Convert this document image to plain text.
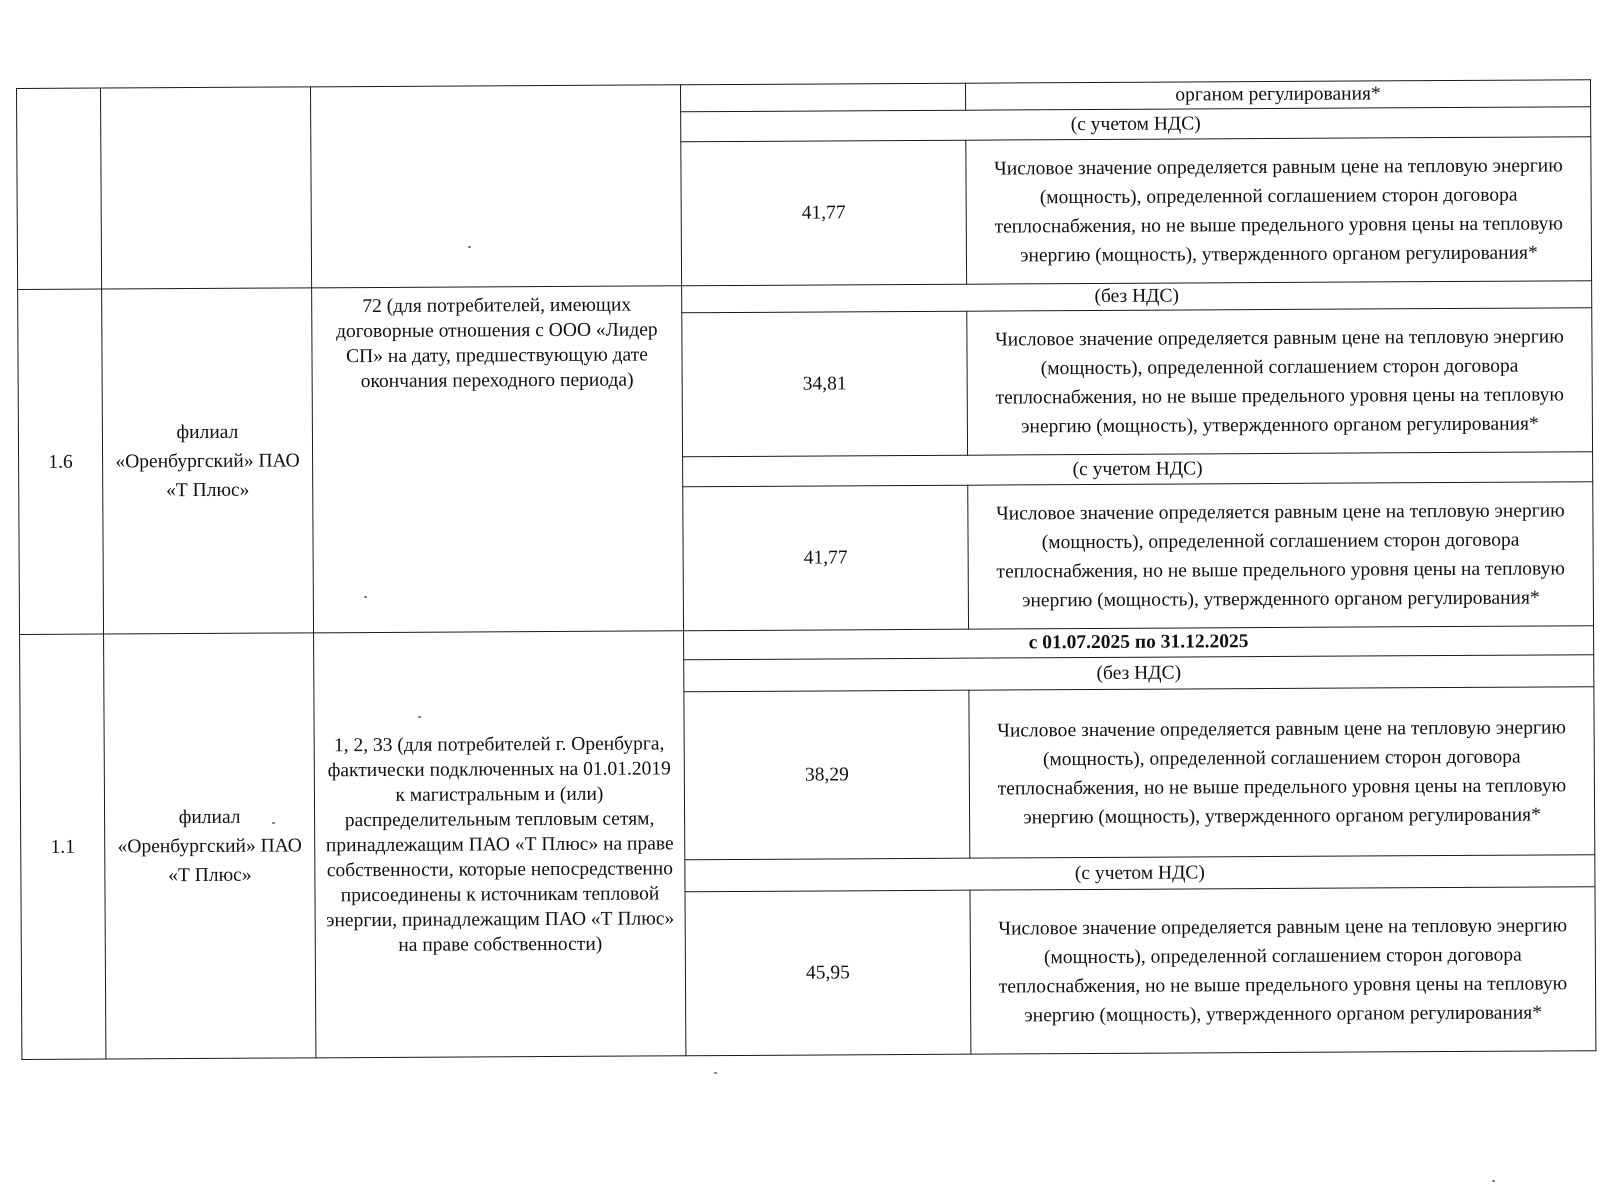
				органом регулирования*
			(с учетом НДС)	
			41,77	Числовое значение определяется равным цене на тепловую энергию (мощность), определенной соглашением сторон договора теплоснабжения, но не выше предельного уровня цены на тепловую энергию (мощность), утвержденного органом регулирования*
1.6	филиал «Оренбургский» ПАО «Т Плюс»	72 (для потребителей, имеющих договорные отношения с ООО «Лидер СП» на дату, предшествующую дате окончания переходного периода)	(без НДС)	
			34,81	Числовое значение определяется равным цене на тепловую энергию (мощность), определенной соглашением сторон договора теплоснабжения, но не выше предельного уровня цены на тепловую энергию (мощность), утвержденного органом регулирования*
			(с учетом НДС)	
			41,77	Числовое значение определяется равным цене на тепловую энергию (мощность), определенной соглашением сторон договора теплоснабжения, но не выше предельного уровня цены на тепловую энергию (мощность), утвержденного органом регулирования*
1.1	филиал «Оренбургский» ПАО «Т Плюс»	1, 2, 33 (для потребителей г. Оренбурга, фактически подключенных на 01.01.2019 к магистральным и (или) распределительным тепловым сетям, принадлежащим ПАО «Т Плюс» на праве собственности, которые непосредственно присоединены к источникам тепловой энергии, принадлежащим ПАО «Т Плюс» на праве собственности)	с 01.07.2025 по 31.12.2025	
			(без НДС)	
			38,29	Числовое значение определяется равным цене на тепловую энергию (мощность), определенной соглашением сторон договора теплоснабжения, но не выше предельного уровня цены на тепловую энергию (мощность), утвержденного органом регулирования*
			(с учетом НДС)	
			45,95	Числовое значение определяется равным цене на тепловую энергию (мощность), определенной соглашением сторон договора теплоснабжения, но не выше предельного уровня цены на тепловую энергию (мощность), утвержденного органом регулирования*
